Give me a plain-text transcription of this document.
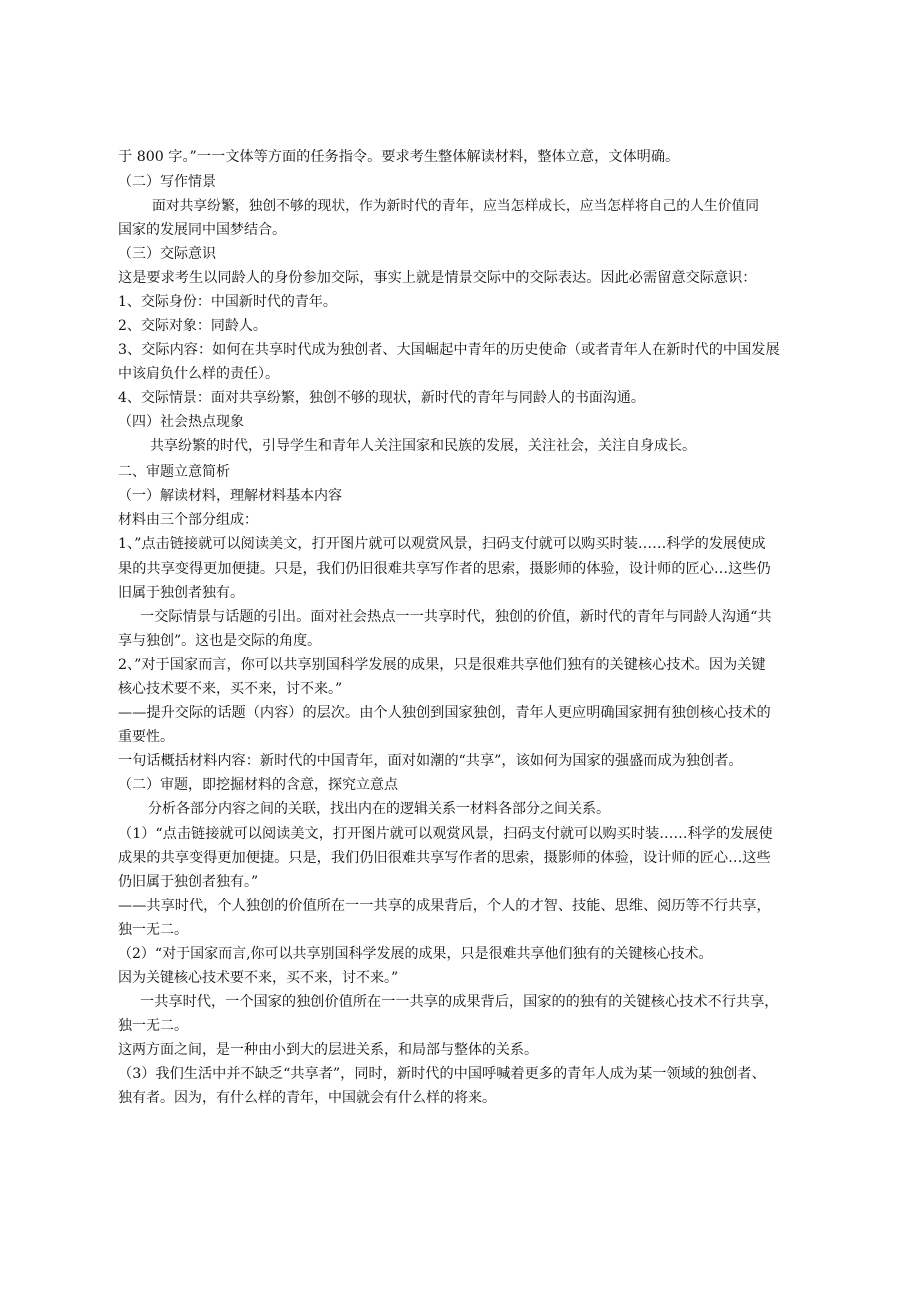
于 800 字。”一一文体等方面的任务指令。要求考生整体解读材料，整体立意，文体明确。
（二）写作情景
面对共享纷繁，独创不够的现状，作为新时代的青年，应当怎样成长，应当怎样将自己的人生价值同
国家的发展同中国梦结合。
（三）交际意识
这是要求考生以同龄人的身份参加交际，事实上就是情景交际中的交际表达。因此必需留意交际意识：
1、交际身份：中国新时代的青年。
2、交际对象：同龄人。
3、交际内容：如何在共享时代成为独创者、大国崛起中青年的历史使命（或者青年人在新时代的中国发展
中该肩负什么样的责任）。
4、交际情景：面对共享纷繁，独创不够的现状，新时代的青年与同龄人的书面沟通。
（四）社会热点现象
共享纷繁的时代，引导学生和青年人关注国家和民族的发展，关注社会，关注自身成长。
二、审题立意简析
（一）解读材料，理解材料基本内容
材料由三个部分组成：
1、”点击链接就可以阅读美文，打开图片就可以观赏风景，扫码支付就可以购买时装……科学的发展使成
果的共享变得更加便捷。只是，我们仍旧很难共享写作者的思索，摄影师的体验，设计师的匠心…这些仍
旧属于独创者独有。
一交际情景与话题的引出。面对社会热点一一共享时代，独创的价值，新时代的青年与同龄人沟通“共
享与独创”。这也是交际的角度。
2、”对于国家而言，你可以共享别国科学发展的成果，只是很难共享他们独有的关键核心技术。因为关键
核心技术要不来，买不来，讨不来。”
——提升交际的话题（内容）的层次。由个人独创到国家独创，青年人更应明确国家拥有独创核心技术的
重要性。
一句话概括材料内容：新时代的中国青年，面对如潮的“共享”，该如何为国家的强盛而成为独创者。
（二）审题，即挖掘材料的含意，探究立意点
分析各部分内容之间的关联，找出内在的逻辑关系一材料各部分之间关系。
（1）“点击链接就可以阅读美文，打开图片就可以观赏风景，扫码支付就可以购买时装……科学的发展使
成果的共享变得更加便捷。只是，我们仍旧很难共享写作者的思索，摄影师的体验，设计师的匠心…这些
仍旧属于独创者独有。”
——共享时代，个人独创的价值所在一一共享的成果背后，个人的才智、技能、思维、阅历等不行共享，
独一无二。
（2）“对于国家而言,你可以共享别国科学发展的成果，只是很难共享他们独有的关键核心技术。
因为关键核心技术要不来，买不来，讨不来。”
一共享时代，一个国家的独创价值所在一一共享的成果背后，国家的的独有的关键核心技术不行共享，
独一无二。
这两方面之间，是一种由小到大的层进关系，和局部与整体的关系。
（3）我们生活中并不缺乏“共享者”，同时，新时代的中国呼喊着更多的青年人成为某一领域的独创者、
独有者。因为，有什么样的青年，中国就会有什么样的将来。
